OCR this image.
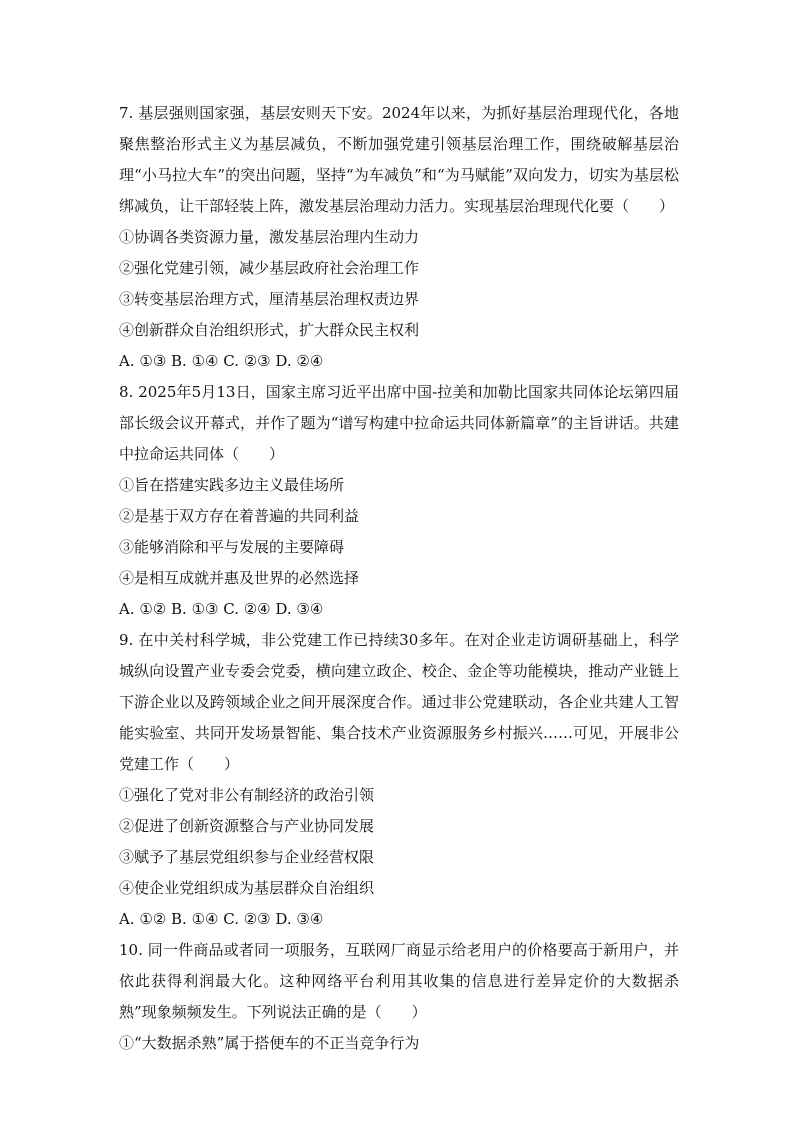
7. 基层强则国家强，基层安则天下安。2024年以来，为抓好基层治理现代化，各地聚焦整治形式主义为基层减负，不断加强党建引领基层治理工作，围绕破解基层治理“小马拉大车”的突出问题，坚持“为车减负”和“为马赋能”双向发力，切实为基层松绑减负，让干部轻装上阵，激发基层治理动力活力。实现基层治理现代化要（　　）

①协调各类资源力量，激发基层治理内生动力

②强化党建引领，减少基层政府社会治理工作

③转变基层治理方式，厘清基层治理权责边界

④创新群众自治组织形式，扩大群众民主权利

A. ①③ B. ①④ C. ②③ D. ②④

8. 2025年5月13日，国家主席习近平出席中国-拉美和加勒比国家共同体论坛第四届部长级会议开幕式，并作了题为“谱写构建中拉命运共同体新篇章”的主旨讲话。共建中拉命运共同体（　　）

①旨在搭建实践多边主义最佳场所

②是基于双方存在着普遍的共同利益

③能够消除和平与发展的主要障碍

④是相互成就并惠及世界的必然选择

A. ①② B. ①③ C. ②④ D. ③④

9. 在中关村科学城，非公党建工作已持续30多年。在对企业走访调研基础上，科学城纵向设置产业专委会党委，横向建立政企、校企、金企等功能模块，推动产业链上下游企业以及跨领域企业之间开展深度合作。通过非公党建联动，各企业共建人工智能实验室、共同开发场景智能、集合技术产业资源服务乡村振兴……可见，开展非公党建工作（　　）

①强化了党对非公有制经济的政治引领

②促进了创新资源整合与产业协同发展

③赋予了基层党组织参与企业经营权限

④使企业党组织成为基层群众自治组织

A. ①② B. ①④ C. ②③ D. ③④

10. 同一件商品或者同一项服务，互联网厂商显示给老用户的价格要高于新用户，并依此获得利润最大化。这种网络平台利用其收集的信息进行差异定价的大数据杀熟”现象频频发生。下列说法正确的是（　　）

①“大数据杀熟”属于搭便车的不正当竞争行为
